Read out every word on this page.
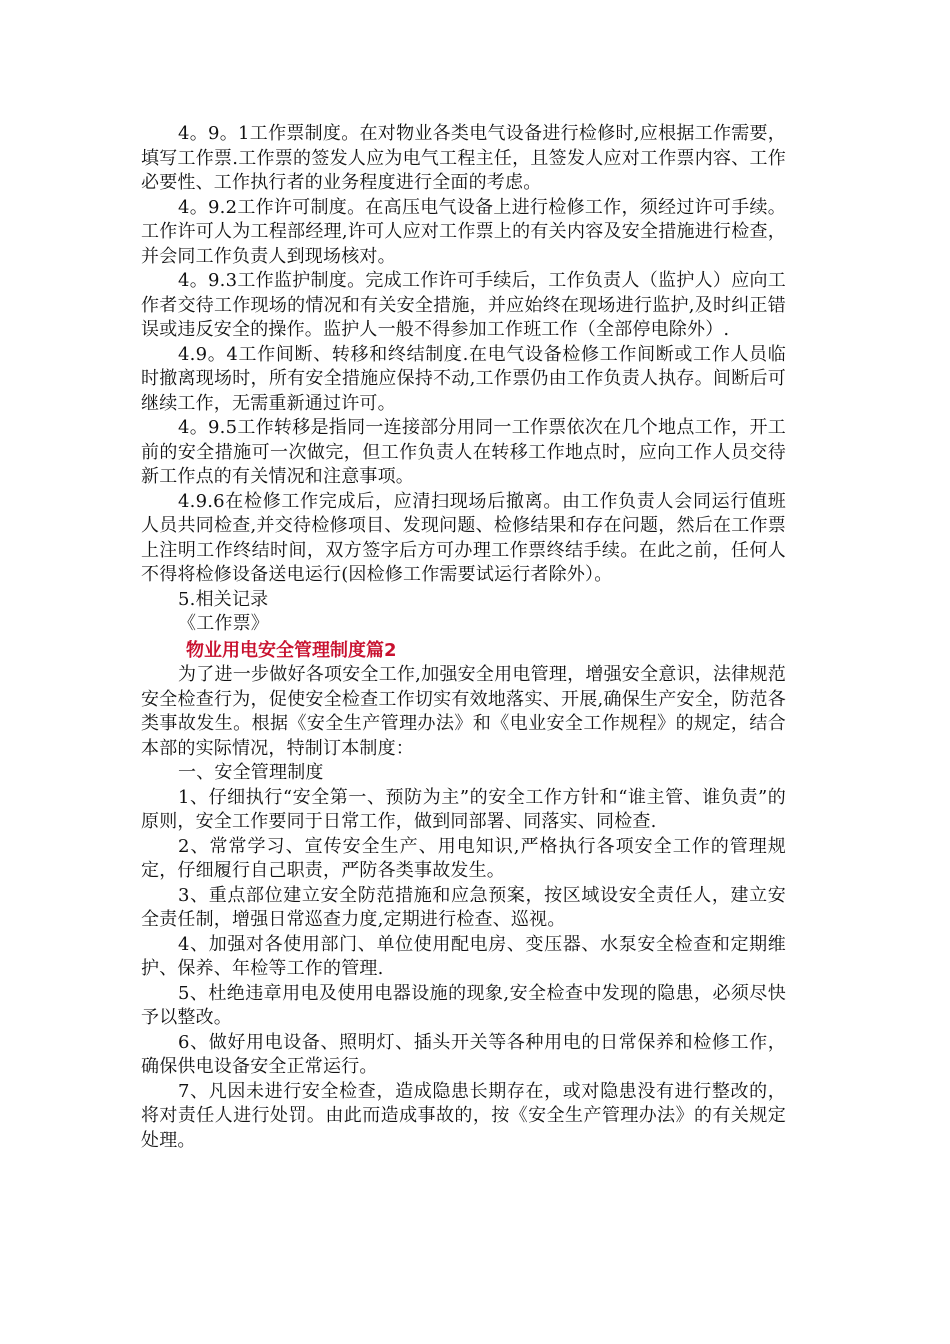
4。9。1工作票制度。在对物业各类电气设备进行检修时,应根据工作需要，填写工作票.工作票的签发人应为电气工程主任，且签发人应对工作票内容、工作必要性、工作执行者的业务程度进行全面的考虑。

4。9.2工作许可制度。在高压电气设备上进行检修工作，须经过许可手续。工作许可人为工程部经理,许可人应对工作票上的有关内容及安全措施进行检查，并会同工作负责人到现场核对。

4。9.3工作监护制度。完成工作许可手续后，工作负责人（监护人）应向工作者交待工作现场的情况和有关安全措施，并应始终在现场进行监护,及时纠正错误或违反安全的操作。监护人一般不得参加工作班工作（全部停电除外）.

4.9。4工作间断、转移和终结制度.在电气设备检修工作间断或工作人员临时撤离现场时，所有安全措施应保持不动,工作票仍由工作负责人执存。间断后可继续工作，无需重新通过许可。

4。9.5工作转移是指同一连接部分用同一工作票依次在几个地点工作，开工前的安全措施可一次做完，但工作负责人在转移工作地点时，应向工作人员交待新工作点的有关情况和注意事项。

4.9.6在检修工作完成后，应清扫现场后撤离。由工作负责人会同运行值班人员共同检查,并交待检修项目、发现问题、检修结果和存在问题，然后在工作票上注明工作终结时间，双方签字后方可办理工作票终结手续。在此之前，任何人不得将检修设备送电运行(因检修工作需要试运行者除外）。

5.相关记录

《工作票》

物业用电安全管理制度篇2

为了进一步做好各项安全工作,加强安全用电管理，增强安全意识，法律规范安全检查行为，促使安全检查工作切实有效地落实、开展,确保生产安全，防范各类事故发生。根据《安全生产管理办法》和《电业安全工作规程》的规定，结合本部的实际情况，特制订本制度：

一、安全管理制度

1、仔细执行“安全第一、预防为主”的安全工作方针和“谁主管、谁负责”的原则，安全工作要同于日常工作，做到同部署、同落实、同检查.

2、常常学习、宣传安全生产、用电知识,严格执行各项安全工作的管理规定，仔细履行自己职责，严防各类事故发生。

3、重点部位建立安全防范措施和应急预案，按区域设安全责任人，建立安全责任制，增强日常巡查力度,定期进行检查、巡视。

4、加强对各使用部门、单位使用配电房、变压器、水泵安全检查和定期维护、保养、年检等工作的管理.

5、杜绝违章用电及使用电器设施的现象,安全检查中发现的隐患，必须尽快予以整改。

6、做好用电设备、照明灯、插头开关等各种用电的日常保养和检修工作，确保供电设备安全正常运行。

7、凡因未进行安全检查，造成隐患长期存在，或对隐患没有进行整改的，将对责任人进行处罚。由此而造成事故的，按《安全生产管理办法》的有关规定处理。
